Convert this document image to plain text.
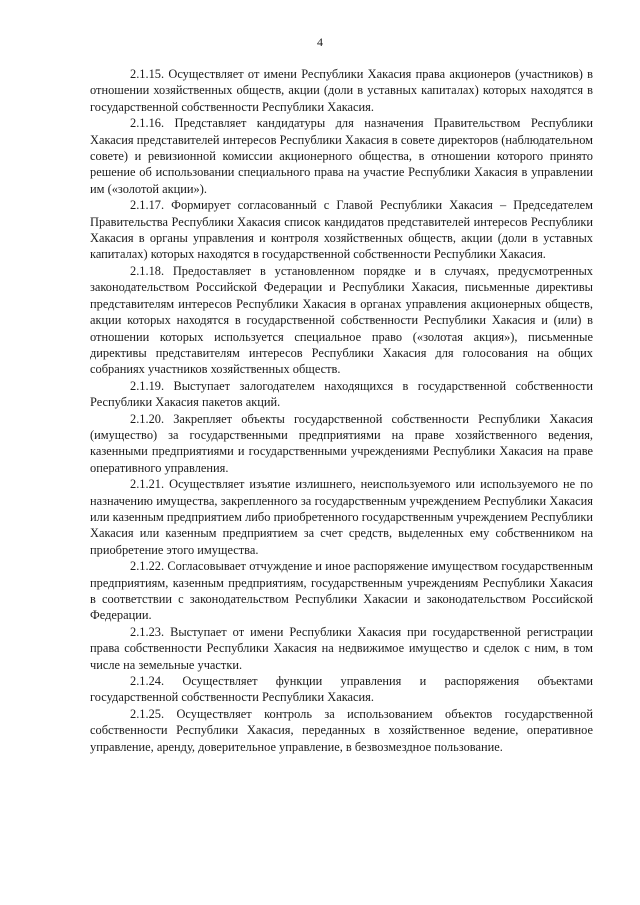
4

2.1.15. Осуществляет от имени Республики Хакасия права акционеров (участников) в отношении хозяйственных обществ, акции (доли в уставных капиталах) которых находятся в государственной собственности Республики Хакасия.

2.1.16. Представляет кандидатуры для назначения Правительством Республики Хакасия представителей интересов Республики Хакасия в совете директоров (наблюдательном совете) и ревизионной комиссии акционерного общества, в отношении которого принято решение об использовании специального права на участие Республики Хакасия в управлении им («золотой акции»).

2.1.17. Формирует согласованный с Главой Республики Хакасия – Председателем Правительства Республики Хакасия список кандидатов представителей интересов Республики Хакасия в органы управления и контроля хозяйственных обществ, акции (доли в уставных капиталах) которых находятся в государственной собственности Республики Хакасия.

2.1.18. Предоставляет в установленном порядке и в случаях, предусмотренных законодательством Российской Федерации и Республики Хакасия, письменные директивы представителям интересов Республики Хакасия в органах управления акционерных обществ, акции которых находятся в государственной собственности Республики Хакасия и (или) в отношении которых используется специальное право («золотая акция»), письменные директивы представителям интересов Республики Хакасия для голосования на общих собраниях участников хозяйственных обществ.

2.1.19. Выступает залогодателем находящихся в государственной собственности Республики Хакасия пакетов акций.

2.1.20. Закрепляет объекты государственной собственности Республики Хакасия (имущество) за государственными предприятиями на праве хозяйственного ведения, казенными предприятиями и государственными учреждениями Республики Хакасия на праве оперативного управления.

2.1.21. Осуществляет изъятие излишнего, неиспользуемого или используемого не по назначению имущества, закрепленного за государственным учреждением Республики Хакасия или казенным предприятием либо приобретенного государственным учреждением Республики Хакасия или казенным предприятием за счет средств, выделенных ему собственником на приобретение этого имущества.

2.1.22. Согласовывает отчуждение и иное распоряжение имуществом государственным предприятиям, казенным предприятиям, государственным учреждениям Республики Хакасия в соответствии с законодательством Республики Хакасии и законодательством Российской Федерации.

2.1.23. Выступает от имени Республики Хакасия при государственной регистрации права собственности Республики Хакасия на недвижимое имущество и сделок с ним, в том числе на земельные участки.

2.1.24. Осуществляет функции управления и распоряжения объектами государственной собственности Республики Хакасия.

2.1.25. Осуществляет контроль за использованием объектов государственной собственности Республики Хакасия, переданных в хозяйственное ведение, оперативное управление, аренду, доверительное управление, в безвозмездное пользование.
